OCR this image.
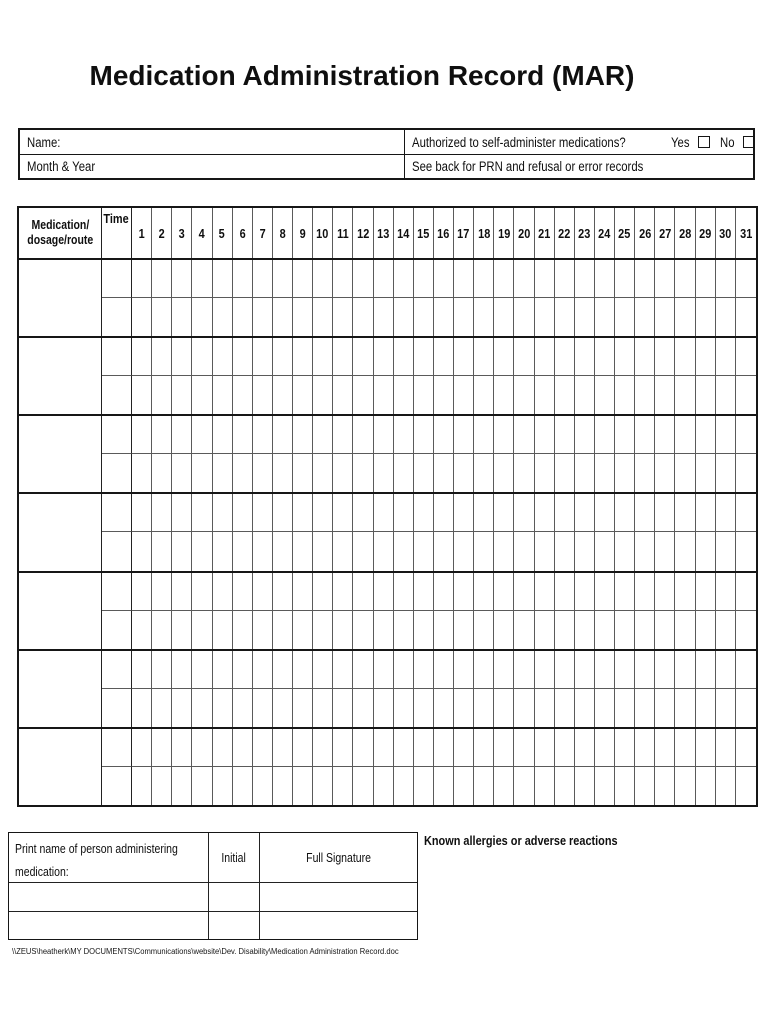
Medication Administration Record (MAR)
Name:	Authorized to self-administer medications?	Yes No
Month & Year	See back for PRN and refusal or error records
Medication/
dosage/route
Time
1 2 3 4 5 6 7 8 9 10 11 12 13 14 15 16 17 18 19 20 21 22 23 24 25 26 27 28 29 30 31
Print name of person administering
medication:
Initial	Full Signature
Known allergies or adverse reactions
\\ZEUS\heatherk\MY DOCUMENTS\Communications\website\Dev. Disability\Medication Administration Record.doc
